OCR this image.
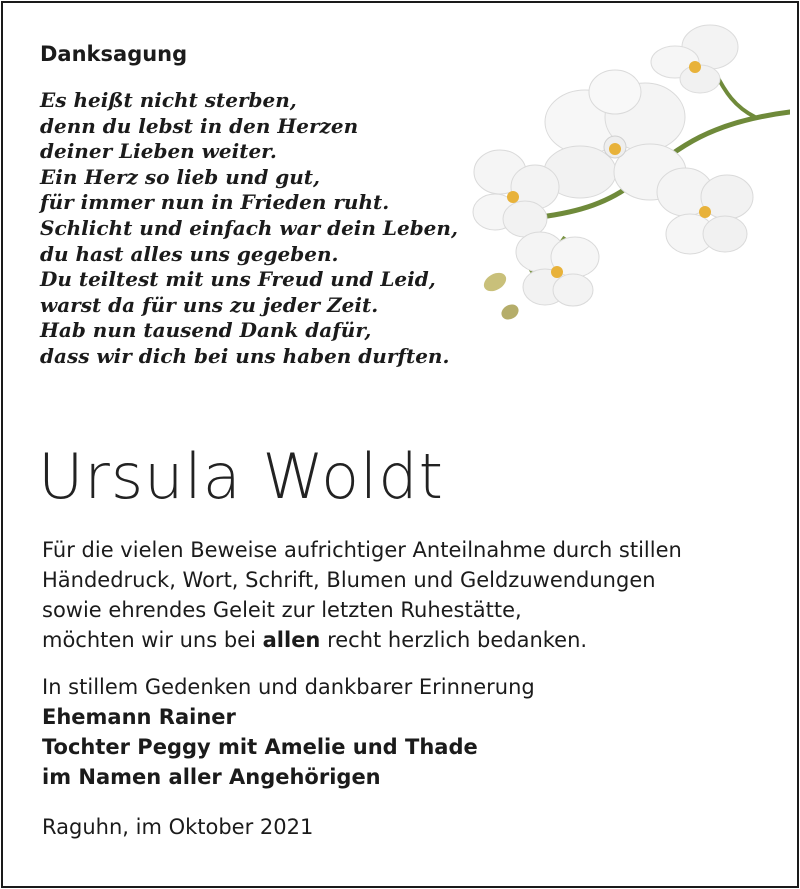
Danksagung
Es heißt nicht sterben,
denn du lebst in den Herzen
deiner Lieben weiter.
Ein Herz so lieb und gut,
für immer nun in Frieden ruht.
Schlicht und einfach war dein Leben,
du hast alles uns gegeben.
Du teiltest mit uns Freud und Leid,
warst da für uns zu jeder Zeit.
Hab nun tausend Dank dafür,
dass wir dich bei uns haben durften.
Ursula Woldt
Für die vielen Beweise aufrichtiger Anteilnahme durch stillen
Händedruck, Wort, Schrift, Blumen und Geldzuwendungen
sowie ehrendes Geleit zur letzten Ruhestätte,
möchten wir uns bei allen recht herzlich bedanken.
In stillem Gedenken und dankbarer Erinnerung
Ehemann Rainer
Tochter Peggy mit Amelie und Thade
im Namen aller Angehörigen
Raguhn, im Oktober 2021
